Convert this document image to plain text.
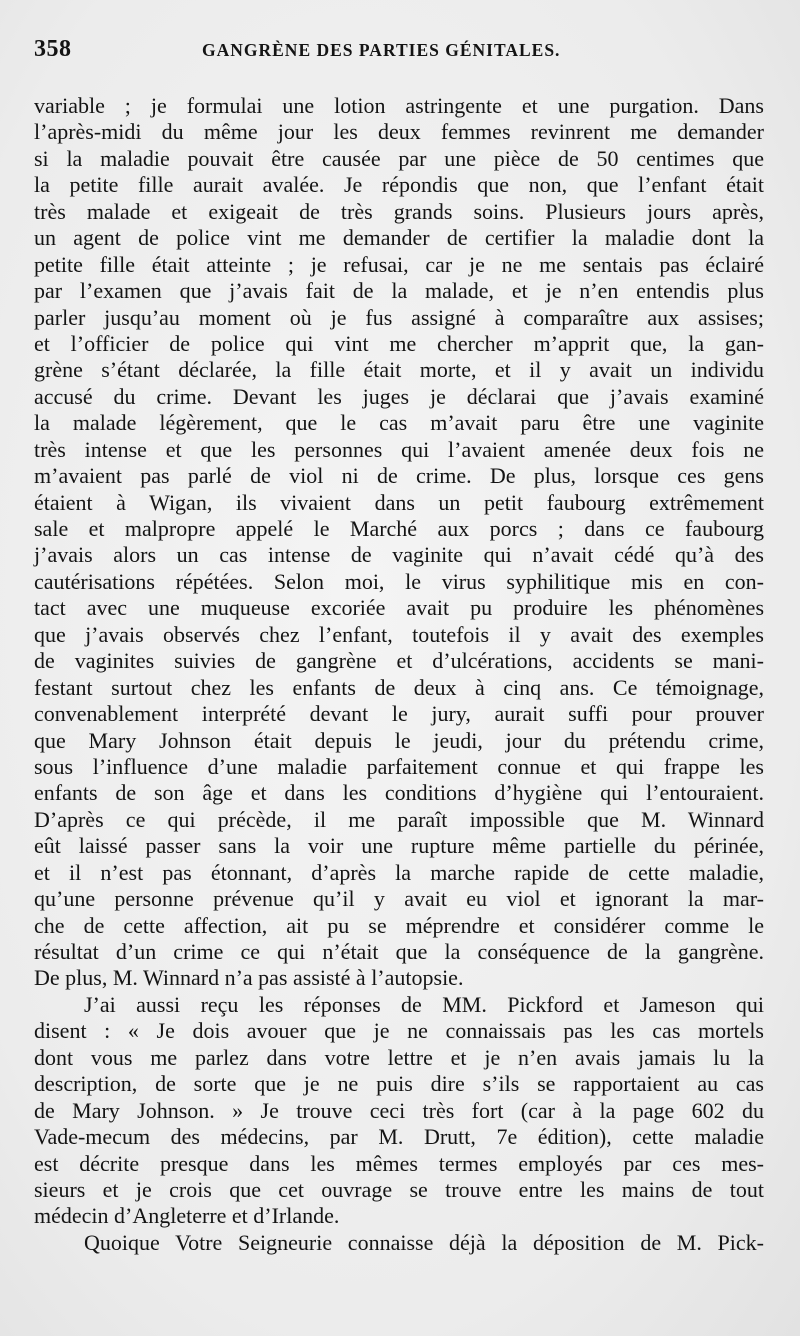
358	GANGRÈNE DES PARTIES GÉNITALES.
variable ; je formulai une lotion astringente et une purgation. Dans
l’après-midi du même jour les deux femmes revinrent me demander
si la maladie pouvait être causée par une pièce de 50 centimes que
la petite fille aurait avalée. Je répondis que non, que l’enfant était
très malade et exigeait de très grands soins. Plusieurs jours après,
un agent de police vint me demander de certifier la maladie dont la
petite fille était atteinte ; je refusai, car je ne me sentais pas éclairé
par l’examen que j’avais fait de la malade, et je n’en entendis plus
parler jusqu’au moment où je fus assigné à comparaître aux assises;
et l’officier de police qui vint me chercher m’apprit que, la gan-
grène s’étant déclarée, la fille était morte, et il y avait un individu
accusé du crime. Devant les juges je déclarai que j’avais examiné
la malade légèrement, que le cas m’avait paru être une vaginite
très intense et que les personnes qui l’avaient amenée deux fois ne
m’avaient pas parlé de viol ni de crime. De plus, lorsque ces gens
étaient à Wigan, ils vivaient dans un petit faubourg extrêmement
sale et malpropre appelé le Marché aux porcs ; dans ce faubourg
j’avais alors un cas intense de vaginite qui n’avait cédé qu’à des
cautérisations répétées. Selon moi, le virus syphilitique mis en con-
tact avec une muqueuse excoriée avait pu produire les phénomènes
que j’avais observés chez l’enfant, toutefois il y avait des exemples
de vaginites suivies de gangrène et d’ulcérations, accidents se mani-
festant surtout chez les enfants de deux à cinq ans. Ce témoignage,
convenablement interprété devant le jury, aurait suffi pour prouver
que Mary Johnson était depuis le jeudi, jour du prétendu crime,
sous l’influence d’une maladie parfaitement connue et qui frappe les
enfants de son âge et dans les conditions d’hygiène qui l’entouraient.
D’après ce qui précède, il me paraît impossible que M. Winnard
eût laissé passer sans la voir une rupture même partielle du périnée,
et il n’est pas étonnant, d’après la marche rapide de cette maladie,
qu’une personne prévenue qu’il y avait eu viol et ignorant la mar-
che de cette affection, ait pu se méprendre et considérer comme le
résultat d’un crime ce qui n’était que la conséquence de la gangrène.
De plus, M. Winnard n’a pas assisté à l’autopsie.
J’ai aussi reçu les réponses de MM. Pickford et Jameson qui
disent : « Je dois avouer que je ne connaissais pas les cas mortels
dont vous me parlez dans votre lettre et je n’en avais jamais lu la
description, de sorte que je ne puis dire s’ils se rapportaient au cas
de Mary Johnson. » Je trouve ceci très fort (car à la page 602 du
Vade-mecum des médecins, par M. Drutt, 7e édition), cette maladie
est décrite presque dans les mêmes termes employés par ces mes-
sieurs et je crois que cet ouvrage se trouve entre les mains de tout
médecin d’Angleterre et d’Irlande.
Quoique Votre Seigneurie connaisse déjà la déposition de M. Pick-
